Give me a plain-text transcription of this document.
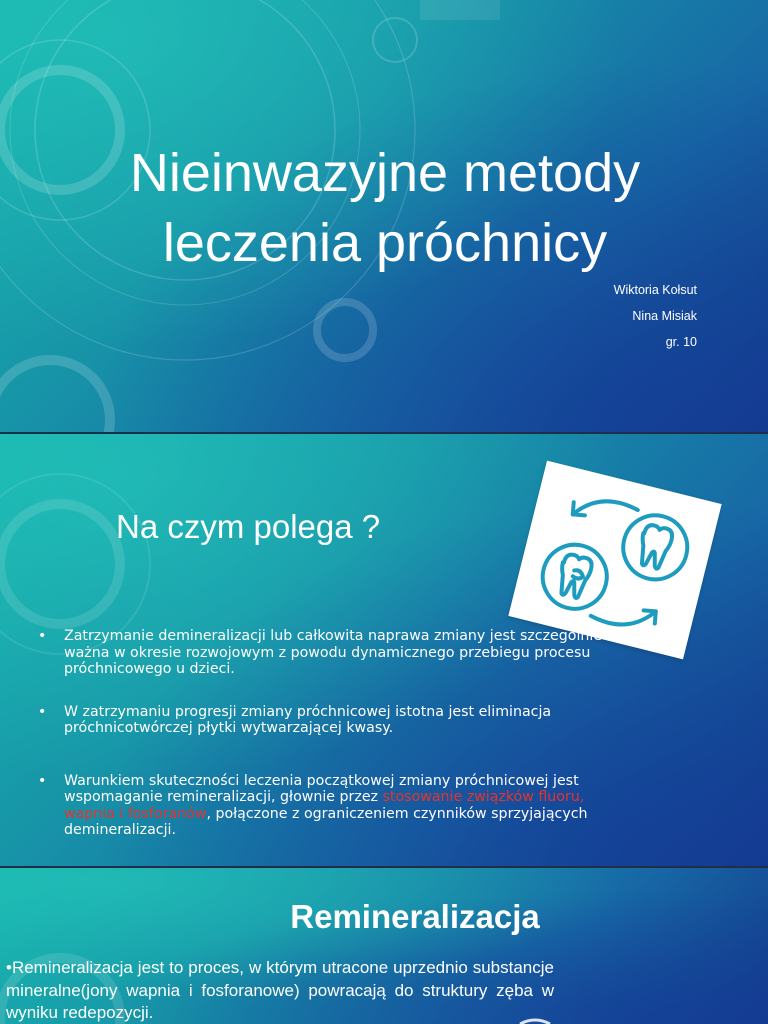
Nieinwazyjne metody
leczenia próchnicy
Wiktoria Kołsut
Nina Misiak
gr. 10
Na czym polega ?
• Zatrzymanie demineralizacji lub całkowita naprawa zmiany jest szczególnie ważna w okresie rozwojowym z powodu dynamicznego przebiegu procesu próchnicowego u dzieci.
• W zatrzymaniu progresji zmiany próchnicowej istotna jest eliminacja próchnicotwórczej płytki wytwarzającej kwasy.
• Warunkiem skuteczności leczenia początkowej zmiany próchnicowej jest wspomaganie remineralizacji, głownie przez stosowanie związków fluoru, wapnia i fosforanów, połączone z ograniczeniem czynników sprzyjających demineralizacji.
Remineralizacja
•Remineralizacja jest to proces, w którym utracone uprzednio substancje mineralne(jony wapnia i fosforanowe) powracają do struktury zęba w wyniku redepozycji.
